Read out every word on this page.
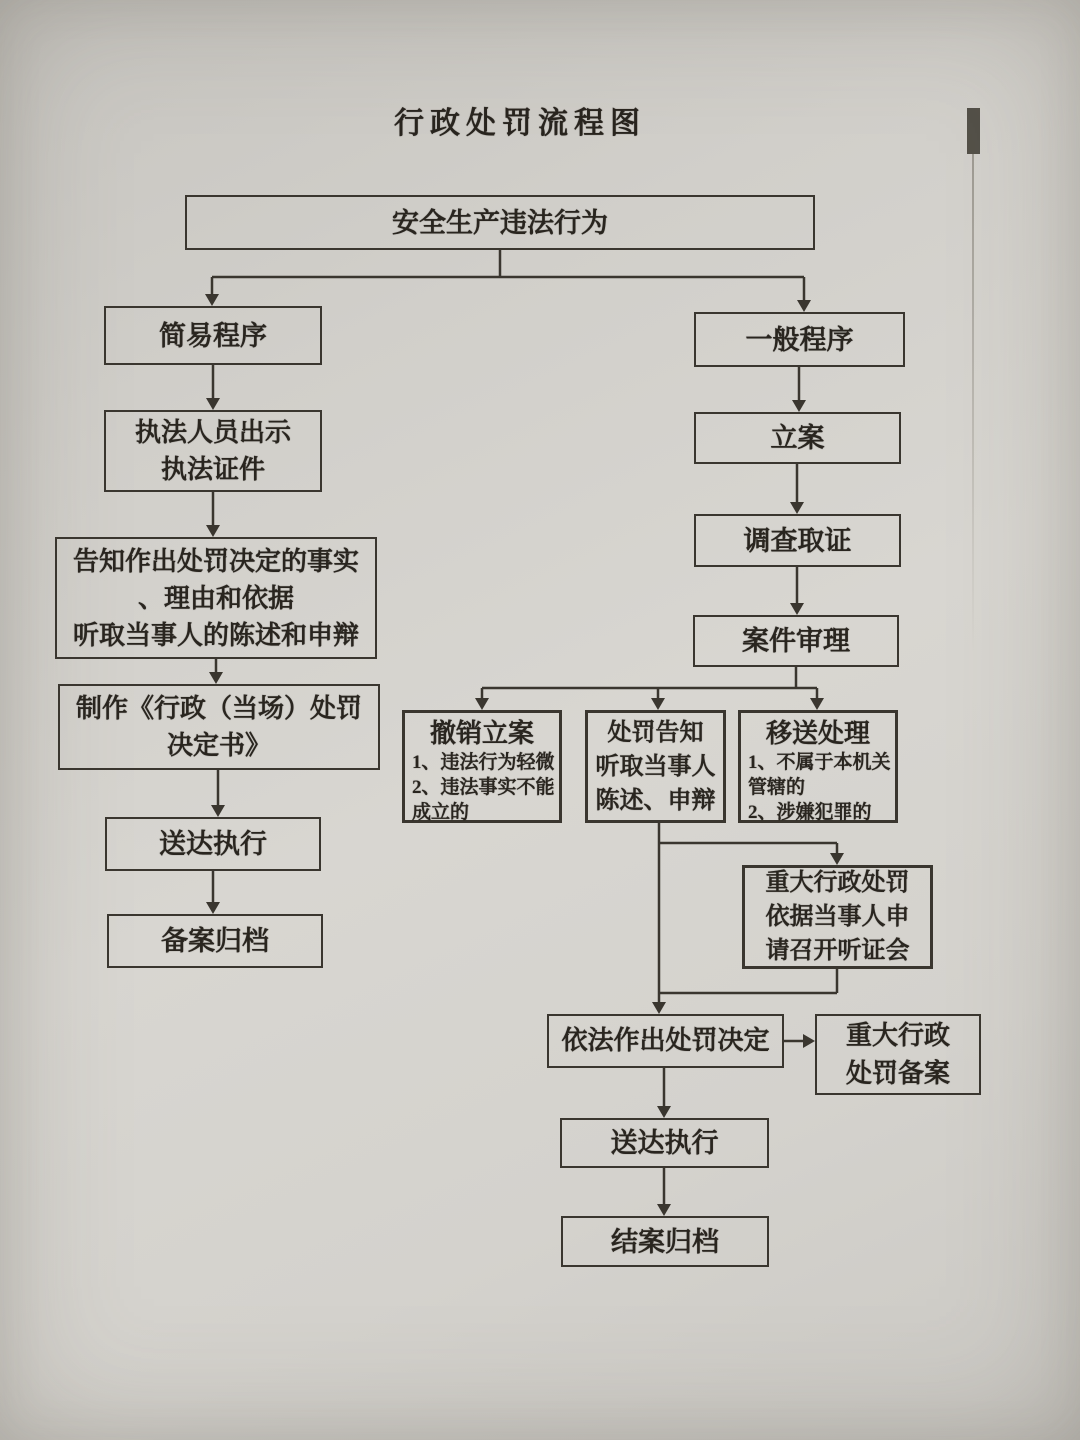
行政处罚流程图
安全生产违法行为
简易程序
执法人员出示
执法证件
告知作出处罚决定的事实
、理由和依据
听取当事人的陈述和申辩
制作《行政（当场）处罚
决定书》
送达执行
备案归档
一般程序
立案
调查取证
案件审理
撤销立案
1、违法行为轻微
2、违法事实不能
成立的
处罚告知
听取当事人
陈述、申辩
移送处理
1、不属于本机关
管辖的
2、涉嫌犯罪的
重大行政处罚
依据当事人申
请召开听证会
依法作出处罚决定	重大行政
处罚备案
送达执行
结案归档
